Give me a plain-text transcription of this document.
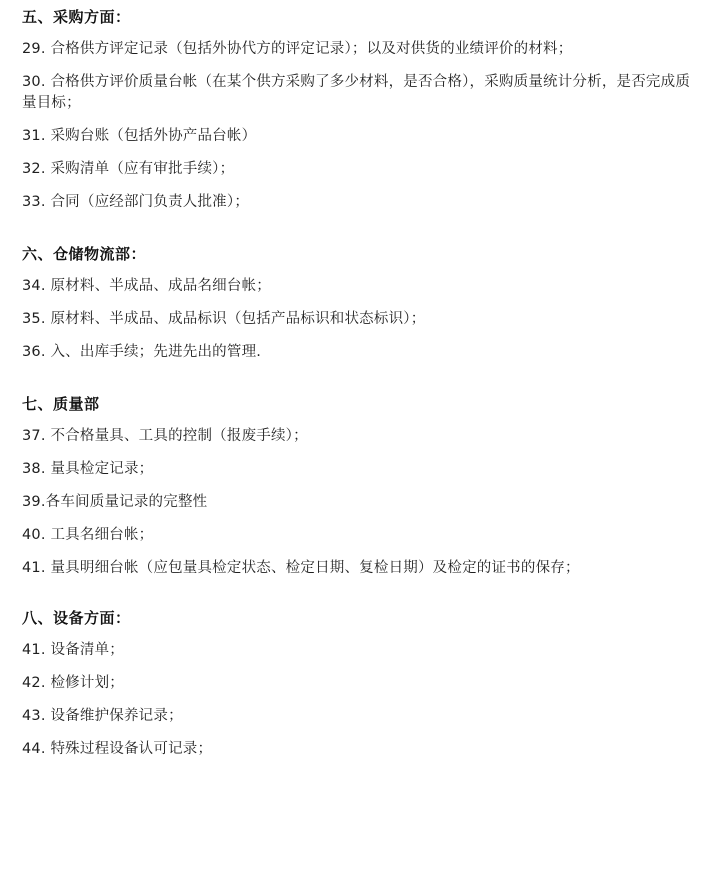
五、采购方面：
29. 合格供方评定记录（包括外协代方的评定记录）；以及对供货的业绩评价的材料；
30. 合格供方评价质量台帐（在某个供方采购了多少材料，是否合格），采购质量统计分析，是否完成质量目标；
31. 采购台账（包括外协产品台帐）
32. 采购清单（应有审批手续）；
33. 合同（应经部门负责人批准）；
六、仓储物流部：
34. 原材料、半成品、成品名细台帐；
35. 原材料、半成品、成品标识（包括产品标识和状态标识）；
36. 入、出库手续；先进先出的管理.
七、质量部
37. 不合格量具、工具的控制（报废手续）；
38. 量具检定记录；
39.各车间质量记录的完整性
40. 工具名细台帐；
41. 量具明细台帐（应包量具检定状态、检定日期、复检日期）及检定的证书的保存；
八、设备方面：
41. 设备清单；
42. 检修计划；
43. 设备维护保养记录；
44. 特殊过程设备认可记录；
